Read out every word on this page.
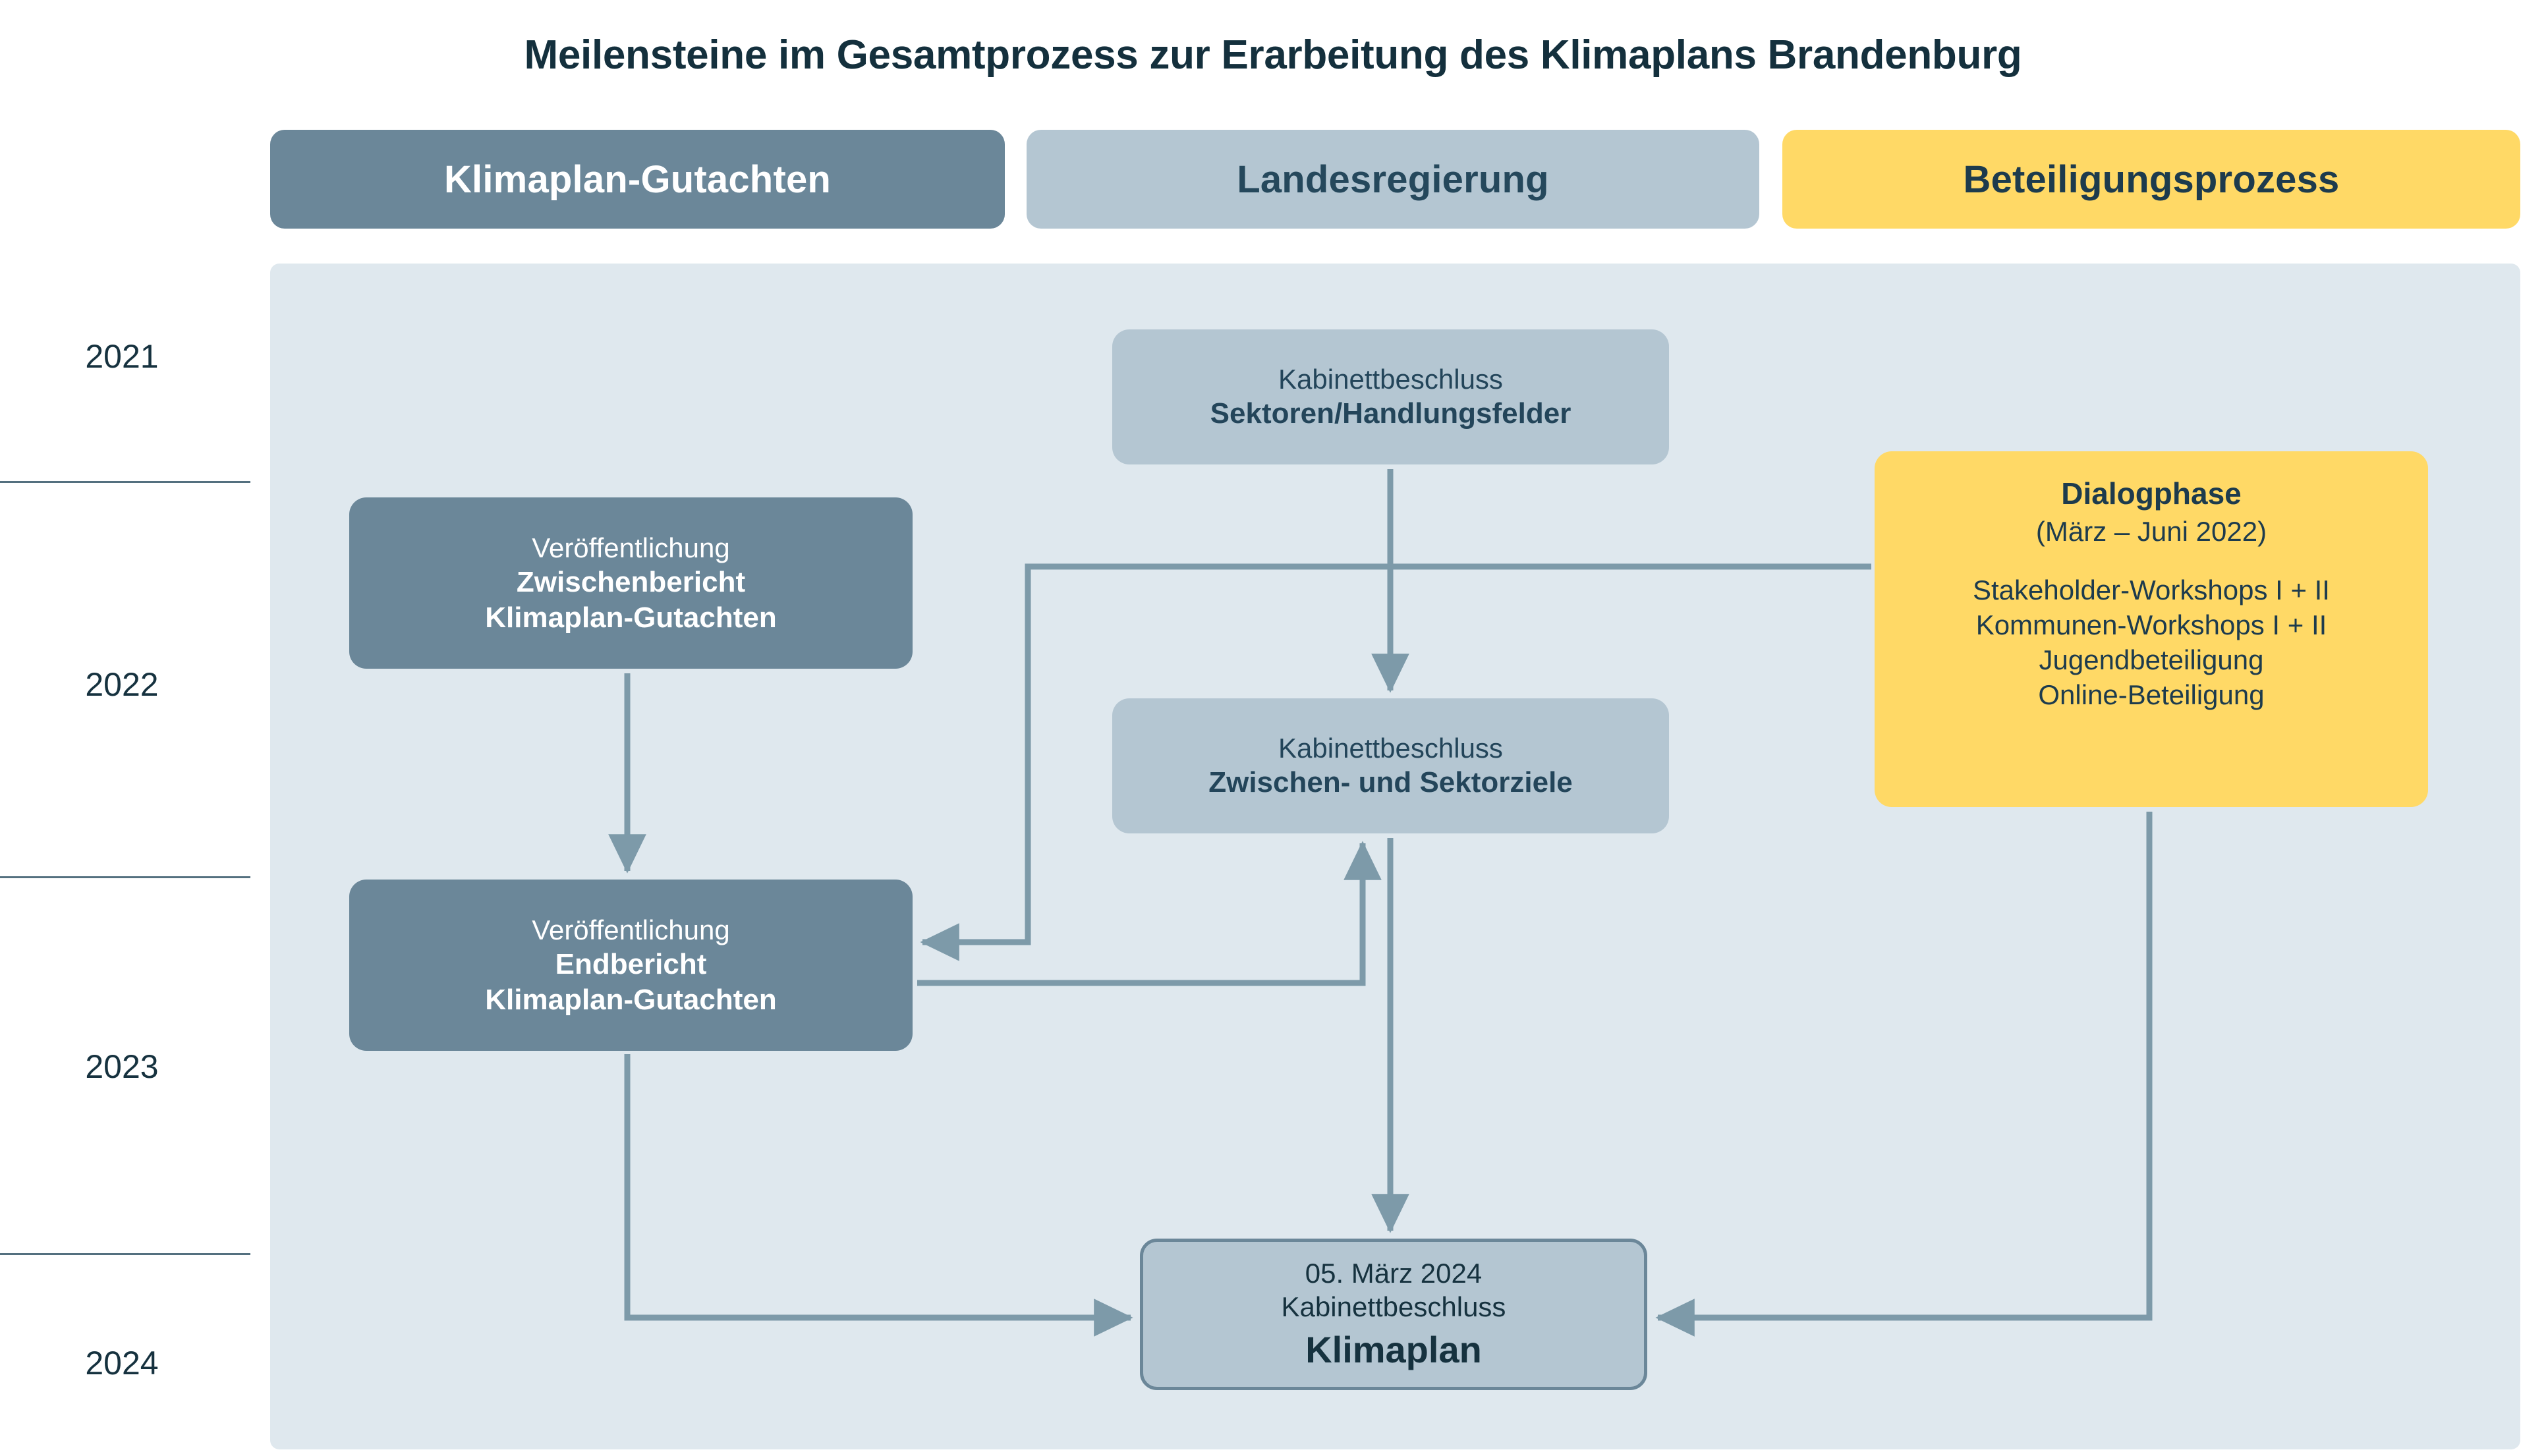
Meilensteine im Gesamtprozess zur Erarbeitung des Klimaplans Brandenburg
Klimaplan-Gutachten	Landesregierung	Beteiligungsprozess
2021
2022
2023
2024
Kabinettbeschluss
Sektoren/Handlungsfelder
Veröffentlichung
Zwischenbericht
Klimaplan-Gutachten
Dialogphase
(März – Juni 2022)
Stakeholder-Workshops I + II
Kommunen-Workshops I + II
Jugendbeteiligung
Online-Beteiligung
Kabinettbeschluss
Zwischen- und Sektorziele
Veröffentlichung
Endbericht
Klimaplan-Gutachten
05. März 2024
Kabinettbeschluss
Klimaplan
